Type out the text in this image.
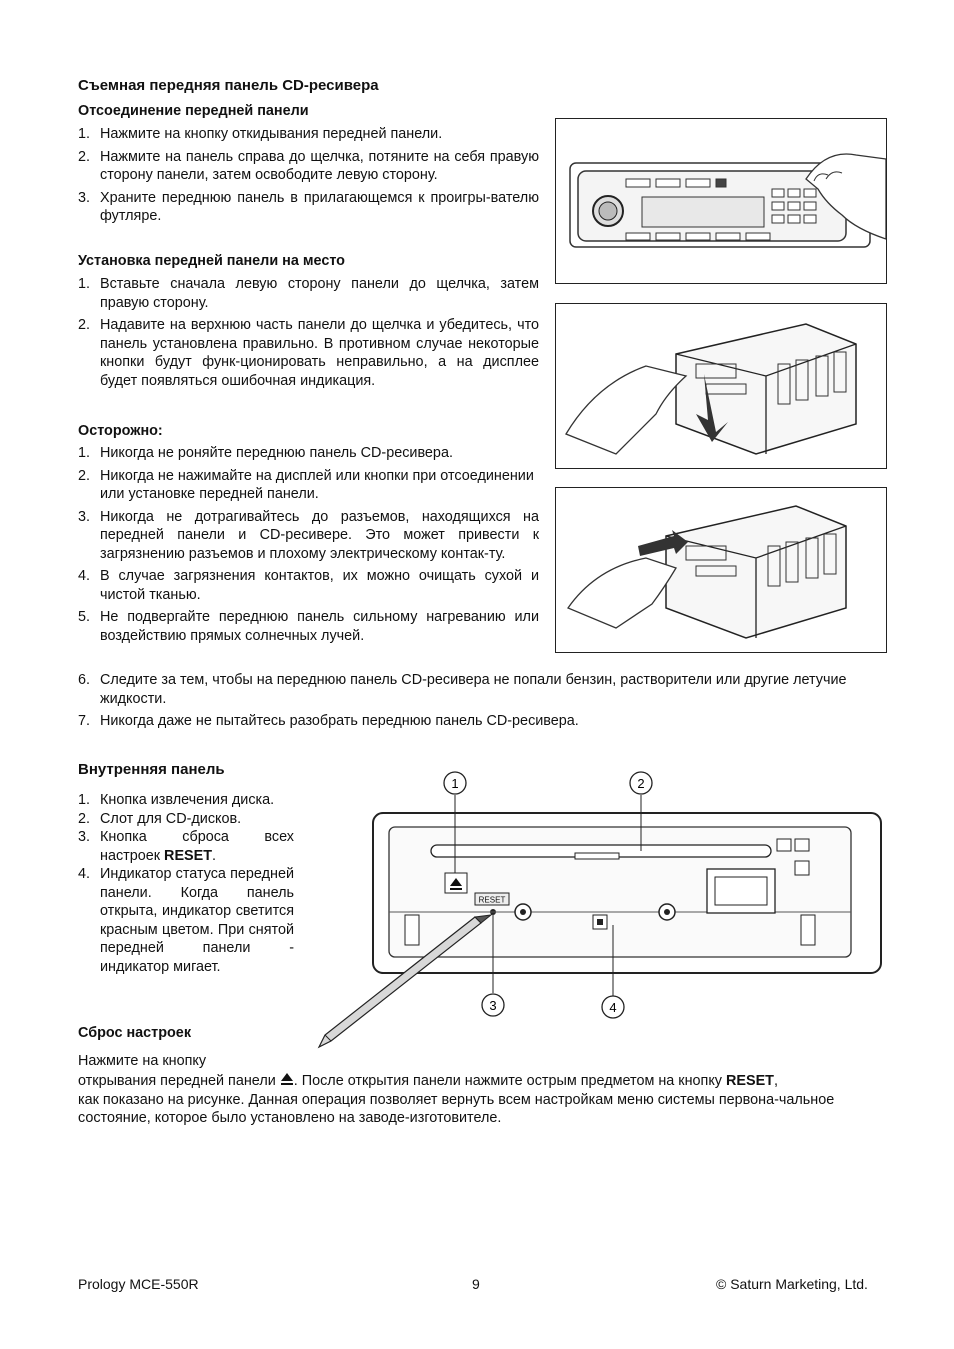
Съемная передняя панель CD-ресивера
Отсоединение передней панели
1. Нажмите на кнопку откидывания передней панели.
2. Нажмите на панель справа до щелчка, потяните на себя правую сторону панели, затем освободите левую сторону.
3. Храните переднюю панель в прилагающемся к проигры-вателю футляре.
Установка передней панели на место
1. Вставьте сначала левую сторону панели до щелчка, затем правую сторону.
2. Надавите на верхнюю часть панели до щелчка и убедитесь, что панель установлена правильно. В противном случае некоторые кнопки будут функ-ционировать неправильно, а на дисплее будет появляться ошибочная индикация.
Осторожно:
1. Никогда не роняйте переднюю панель CD-ресивера.
2. Никогда не нажимайте на дисплей или кнопки при отсоединении или установке передней панели.
3. Никогда не дотрагивайтесь до разъемов, находящихся на передней панели и CD-ресивере. Это может привести к загрязнению разъемов и плохому электрическому контак-ту.
4. В случае загрязнения контактов, их можно очищать сухой и чистой тканью.
5. Не подвергайте переднюю панель сильному нагреванию или воздействию прямых солнечных лучей.
6. Следите за тем, чтобы на переднюю панель CD-ресивера не попали бензин, растворители или другие летучие жидкости.
7. Никогда даже не пытайтесь разобрать переднюю панель CD-ресивера.
Внутренняя панель
1. Кнопка извлечения диска.
2. Слот для CD-дисков.
3. Кнопка сброса всех настроек RESET.
4. Индикатор статуса передней панели. Когда панель открыта, индикатор светится красным цветом. При снятой передней панели - индикатор мигает.
RESET
1	2
3	4
Сброс настроек
Нажмите на кнопку
открывания передней панели . После открытия панели нажмите острым предметом на кнопку RESET,
как показано на рисунке. Данная операция позволяет вернуть всем настройкам меню системы первона-чальное состояние, которое было установлено на заводе-изготовителе.
Prology MCE-550R	9	© Saturn Marketing, Ltd.
